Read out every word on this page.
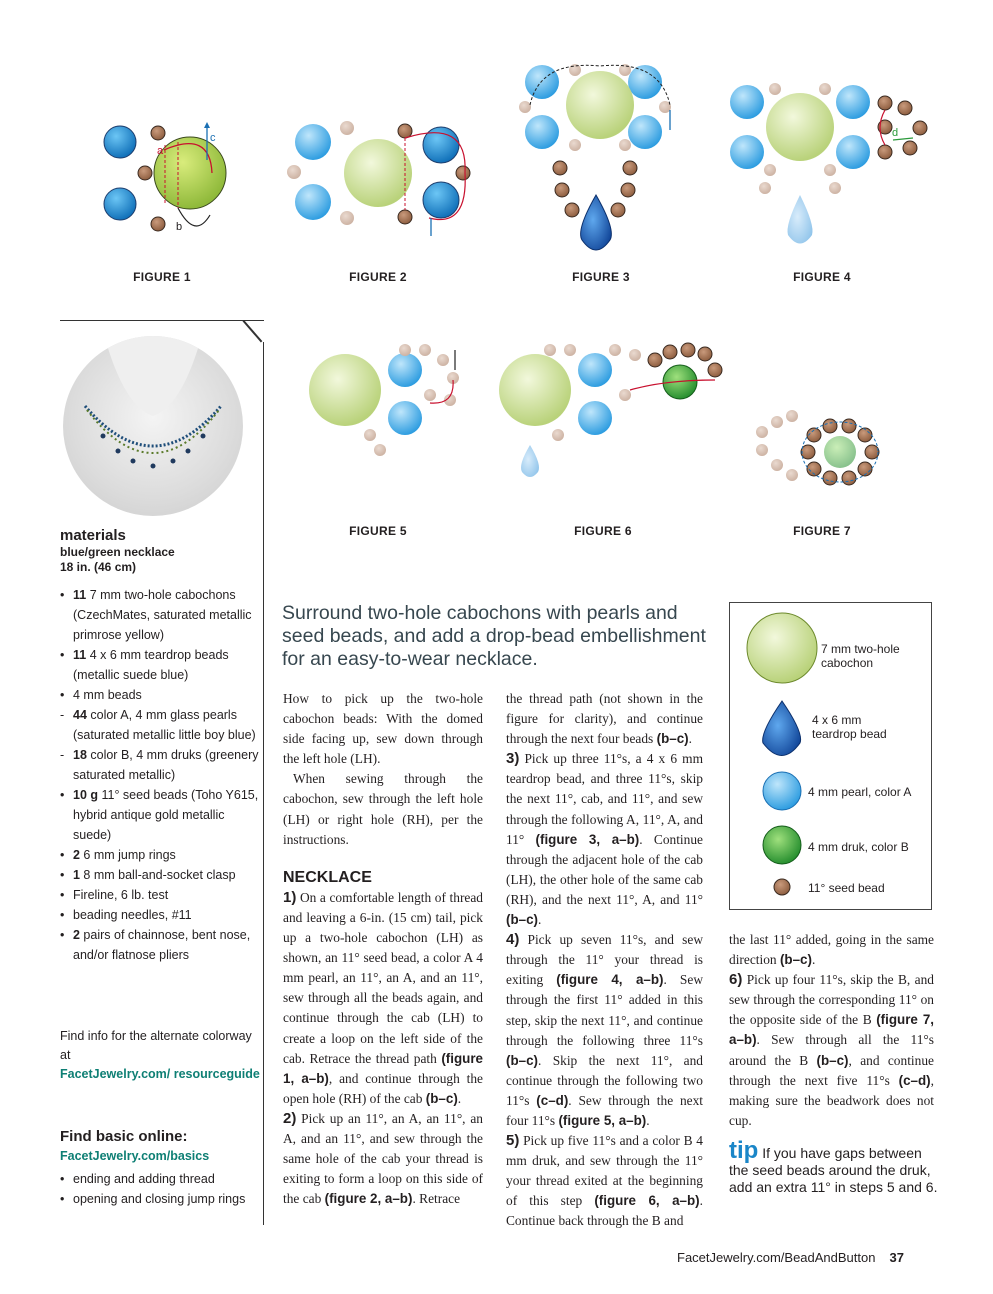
FIGURE 1	FIGURE 2	FIGURE 3	FIGURE 4
FIGURE 5	FIGURE 6	FIGURE 7
a
b
c	d
materials
blue/green necklace
18 in. (46 cm)
• 11 7 mm two-hole cabochons (CzechMates, saturated metallic primrose yellow)
• 11 4 x 6 mm teardrop beads (metallic suede blue)
• 4 mm beads
- 44 color A, 4 mm glass pearls (saturated metallic little boy blue)
- 18 color B, 4 mm druks (greenery saturated metallic)
• 10 g 11° seed beads (Toho Y615, hybrid antique gold metallic suede)
• 2 6 mm jump rings
• 1 8 mm ball-and-socket clasp
• Fireline, 6 lb. test
• beading needles, #11
• 2 pairs of chainnose, bent nose, and/or flatnose pliers
Find info for the alternate colorway at
FacetJewelry.com/ resourceguide
Find basic online:
FacetJewelry.com/basics
• ending and adding thread
• opening and closing jump rings
Surround two-hole cabochons with pearls and seed beads, and add a drop-bead embellishment for an easy-to-wear necklace.

How to pick up the two-hole cabochon beads: With the domed side facing up, sew down through the left hole (LH).

When sewing through the cabochon, sew through the left hole (LH) or right hole (RH), per the instructions.

NECKLACE

1) On a comfortable length of thread and leaving a 6-in. (15 cm) tail, pick up a two-hole cabochon (LH) as shown, an 11° seed bead, a color A 4 mm pearl, an 11°, an A, and an 11°, sew through all the beads again, and continue through the cab (LH) to create a loop on the left side of the cab. Retrace the thread path (figure 1, a–b), and continue through the open hole (RH) of the cab (b–c).

2) Pick up an 11°, an A, an 11°, an A, and an 11°, and sew through the same hole of the cab your thread is exiting to form a loop on this side of the cab (figure 2, a–b). Retrace

the thread path (not shown in the figure for clarity), and continue through the next four beads (b–c).

3) Pick up three 11°s, a 4 x 6 mm teardrop bead, and three 11°s, skip the next 11°, cab, and 11°, and sew through the following A, 11°, A, and 11° (figure 3, a–b). Continue through the adjacent hole of the cab (LH), the other hole of the same cab (RH), and the next 11°, A, and 11° (b–c).

4) Pick up seven 11°s, and sew through the 11° your thread is exiting (figure 4, a–b). Sew through the first 11° added in this step, skip the next 11°, and continue through the following three 11°s (b–c). Skip the next 11°, and continue through the following two 11°s (c–d). Sew through the next four 11°s (figure 5, a–b).

5) Pick up five 11°s and a color B 4 mm druk, and sew through the 11° your thread exited at the beginning of this step (figure 6, a–b). Continue back through the B and

the last 11° added, going in the same direction (b–c).

6) Pick up four 11°s, skip the B, and sew through the corresponding 11° on the opposite side of the B (figure 7, a–b). Sew through all the 11°s around the B (b–c), and continue through the next five 11°s (c–d), making sure the beadwork does not cup.

7 mm two-hole cabochon
4 x 6 mm teardrop bead
4 mm pearl, color A
4 mm druk, color B
11° seed bead
tip If you have gaps between the seed beads around the druk, add an extra 11° in steps 5 and 6.
FacetJewelry.com/BeadAndButton 37
